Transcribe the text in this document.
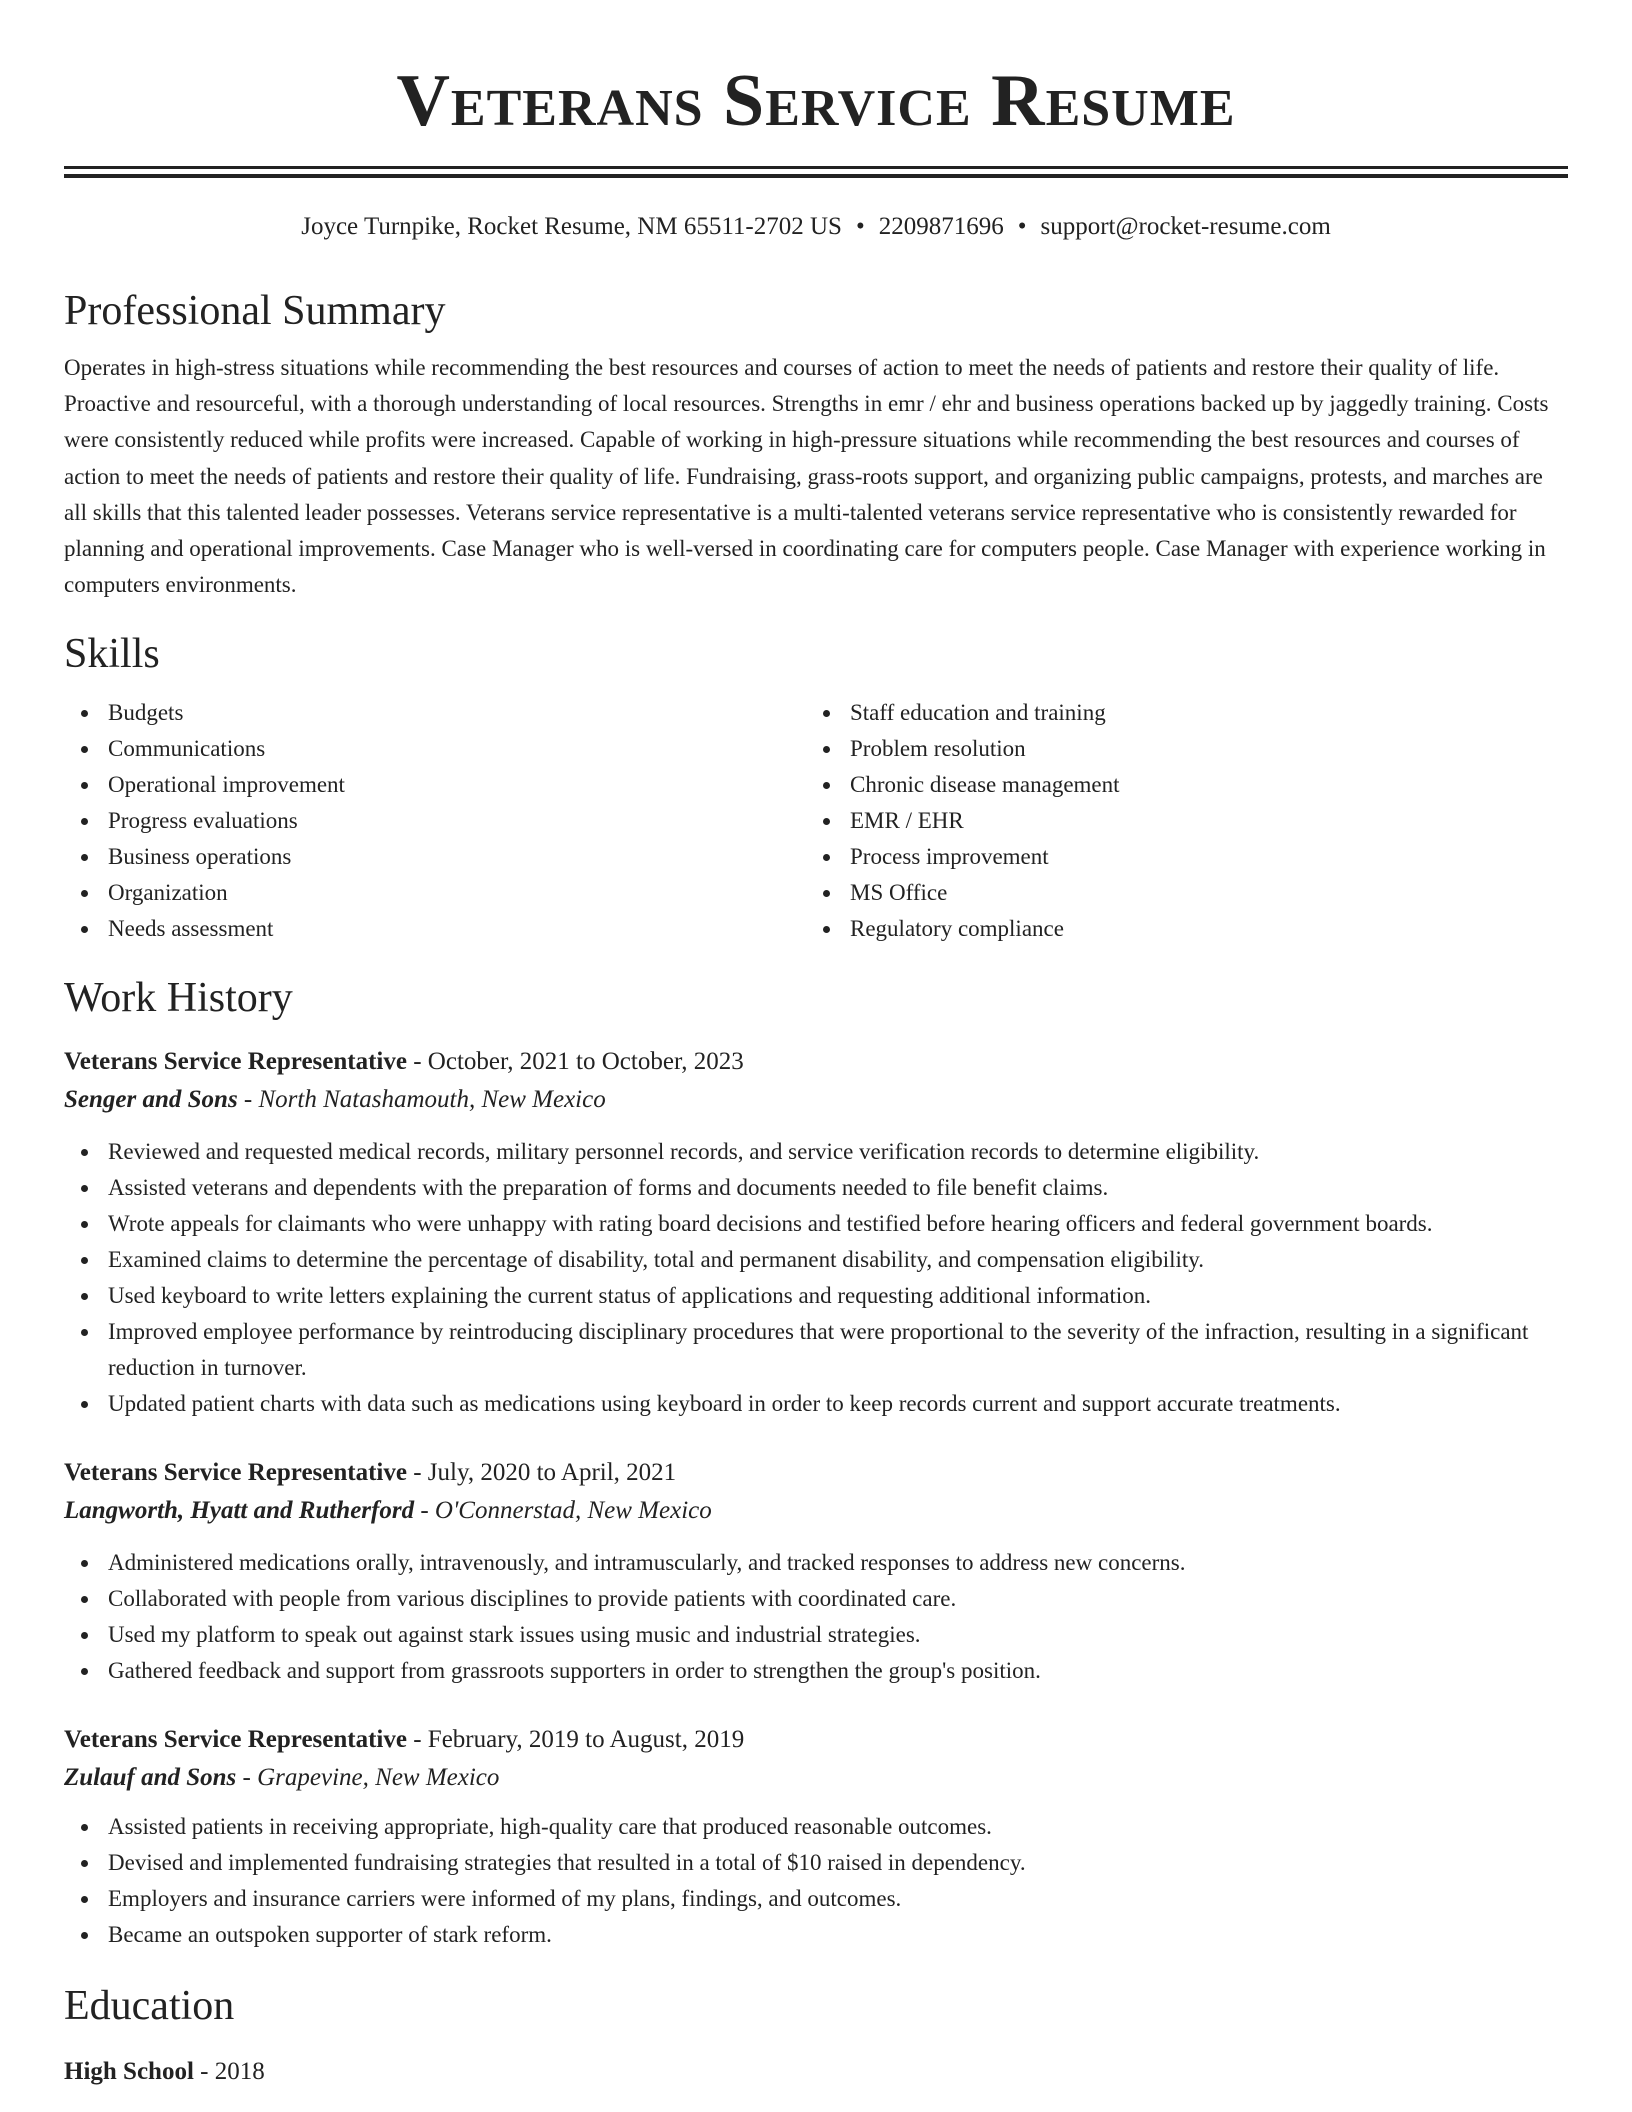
Veterans Service Resume
Joyce Turnpike, Rocket Resume, NM 65511-2702 US • 2209871696 • support@rocket-resume.com
Professional Summary

Operates in high-stress situations while recommending the best resources and courses of action to meet the needs of patients and restore their quality of life. Proactive and resourceful, with a thorough understanding of local resources. Strengths in emr / ehr and business operations backed up by jaggedly training. Costs were consistently reduced while profits were increased. Capable of working in high-pressure situations while recommending the best resources and courses of action to meet the needs of patients and restore their quality of life. Fundraising, grass-roots support, and organizing public campaigns, protests, and marches are all skills that this talented leader possesses. Veterans service representative is a multi-talented veterans service representative who is consistently rewarded for planning and operational improvements. Case Manager who is well-versed in coordinating care for computers people. Case Manager with experience working in computers environments.

Skills
Budgets
Communications
Operational improvement
Progress evaluations
Business operations
Organization
Needs assessment
Staff education and training
Problem resolution
Chronic disease management
EMR / EHR
Process improvement
MS Office
Regulatory compliance
Work History
Veterans Service Representative - October, 2021 to October, 2023
Senger and Sons - North Natashamouth, New Mexico
Reviewed and requested medical records, military personnel records, and service verification records to determine eligibility.
Assisted veterans and dependents with the preparation of forms and documents needed to file benefit claims.
Wrote appeals for claimants who were unhappy with rating board decisions and testified before hearing officers and federal government boards.
Examined claims to determine the percentage of disability, total and permanent disability, and compensation eligibility.
Used keyboard to write letters explaining the current status of applications and requesting additional information.
Improved employee performance by reintroducing disciplinary procedures that were proportional to the severity of the infraction, resulting in a significant reduction in turnover.
Updated patient charts with data such as medications using keyboard in order to keep records current and support accurate treatments.
Veterans Service Representative - July, 2020 to April, 2021
Langworth, Hyatt and Rutherford - O'Connerstad, New Mexico
Administered medications orally, intravenously, and intramuscularly, and tracked responses to address new concerns.
Collaborated with people from various disciplines to provide patients with coordinated care.
Used my platform to speak out against stark issues using music and industrial strategies.
Gathered feedback and support from grassroots supporters in order to strengthen the group's position.
Veterans Service Representative - February, 2019 to August, 2019
Zulauf and Sons - Grapevine, New Mexico
Assisted patients in receiving appropriate, high-quality care that produced reasonable outcomes.
Devised and implemented fundraising strategies that resulted in a total of $10 raised in dependency.
Employers and insurance carriers were informed of my plans, findings, and outcomes.
Became an outspoken supporter of stark reform.
Education
High School - 2018
